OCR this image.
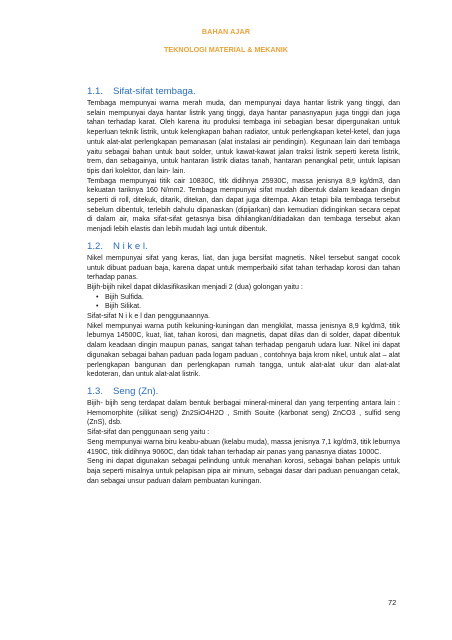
BAHAN AJAR
TEKNOLOGI MATERIAL & MEKANIK
1.1. Sifat-sifat tembaga.

Tembaga mempunyai warna merah muda, dan mempunyai daya hantar listrik yang tinggi, dan selain mempunyai daya hantar listrik yang tinggi, daya hantar panasnyapun juga tinggi dan juga tahan terhadap karat. Oleh karena itu produksi tembaga ini sebagian besar dipergunakan untuk keperluan teknik listrik, untuk kelengkapan bahan radiator, untuk perlengkapan ketel-ketel, dan juga untuk alat-alat perlengkapan pemanasan (alat instalasi air pendingin). Kegunaan lain dari tembaga yaitu sebagai bahan untuk baut solder, untuk kawat-kawat jalan traksi listrik seperti kereta listrik, trem, dan sebagainya, untuk hantaran listrik diatas tanah, hantaran penangkal petir, untuk lapisan tipis dari kolektor, dan lain- lain.

Tembaga mempunyai titik cair 10830C, titk didihnya 25930C, massa jenisnya 8,9 kg/dm3, dan kekuatan tariknya 160 N/mm2. Tembaga mempunyai sifat mudah dibentuk dalam keadaan dingin seperti di roll, ditekuk, ditarik, ditekan, dan dapat juga ditempa. Akan tetapi bila tembaga tersebut sebelum dibentuk, terlebih dahulu dipanaskan (dipijarkan) dan kemudian didinginkan secara cepat di dalam air, maka sifat-sifat getasnya bisa dihilangkan/ditiadakan dan tembaga tersebut akan menjadi lebih elastis dan lebih mudah lagi untuk dibentuk.

1.2. N i k e l.

Nikel mempunyai sifat yang keras, liat, dan juga bersifat magnetis. Nikel tersebut sangat cocok untuk dibuat paduan baja, karena dapat untuk memperbaiki sifat tahan terhadap korosi dan tahan terhadap panas.

Bijih-bijih nikel dapat diklasifikasikan menjadi 2 (dua) golongan yaitu :

• Bijih Sulfida.
• Bijih Silikat.

Sifat-sifat N i k e l dan penggunaannya.

Nikel mempunyai warna putih kekuning-kuningan dan mengkilat, massa jenisnya 8,9 kg/dm3, titik leburnya 14500C, kuat, liat, tahan korosi, dan magnetis, dapat dilas dan di solder, dapat dibentuk dalam keadaan dingin maupun panas, sangat tahan terhadap pengaruh udara luar. Nikel ini dapat digunakan sebagai bahan paduan pada logam paduan , contohnya baja krom nikel, untuk alat – alat perlengkapan bangunan dan perlengkapan rumah tangga, untuk alat-alat ukur dan alat-alat kedoteran, dan untuk alat-alat listrik.

1.3. Seng (Zn).

Bijih- bijih seng terdapat dalam bentuk berbagai mineral-mineral dan yang terpenting antara lain : Hemomorphite (silikat seng) Zn2SiO4H2O , Smith Souite (karbonat seng) ZnCO3 , sulfid seng (ZnS), dsb.

Sifat-sifat dan penggunaan seng yaitu :

Seng mempunyai warna biru keabu-abuan (kelabu muda), massa jenisnya 7,1 kg/dm3, titik leburnya 4190C, titik didihnya 9060C, dan tidak tahan terhadap air panas yang panasnya diatas 1000C.

Seng ini dapat digunakan sebagai pelindung untuk menahan korosi, sebagai bahan pelapis untuk baja seperti misalnya untuk pelapisan pipa air minum, sebagai dasar dari paduan penuangan cetak, dan sebagai unsur paduan dalam pembuatan kuningan.

72
